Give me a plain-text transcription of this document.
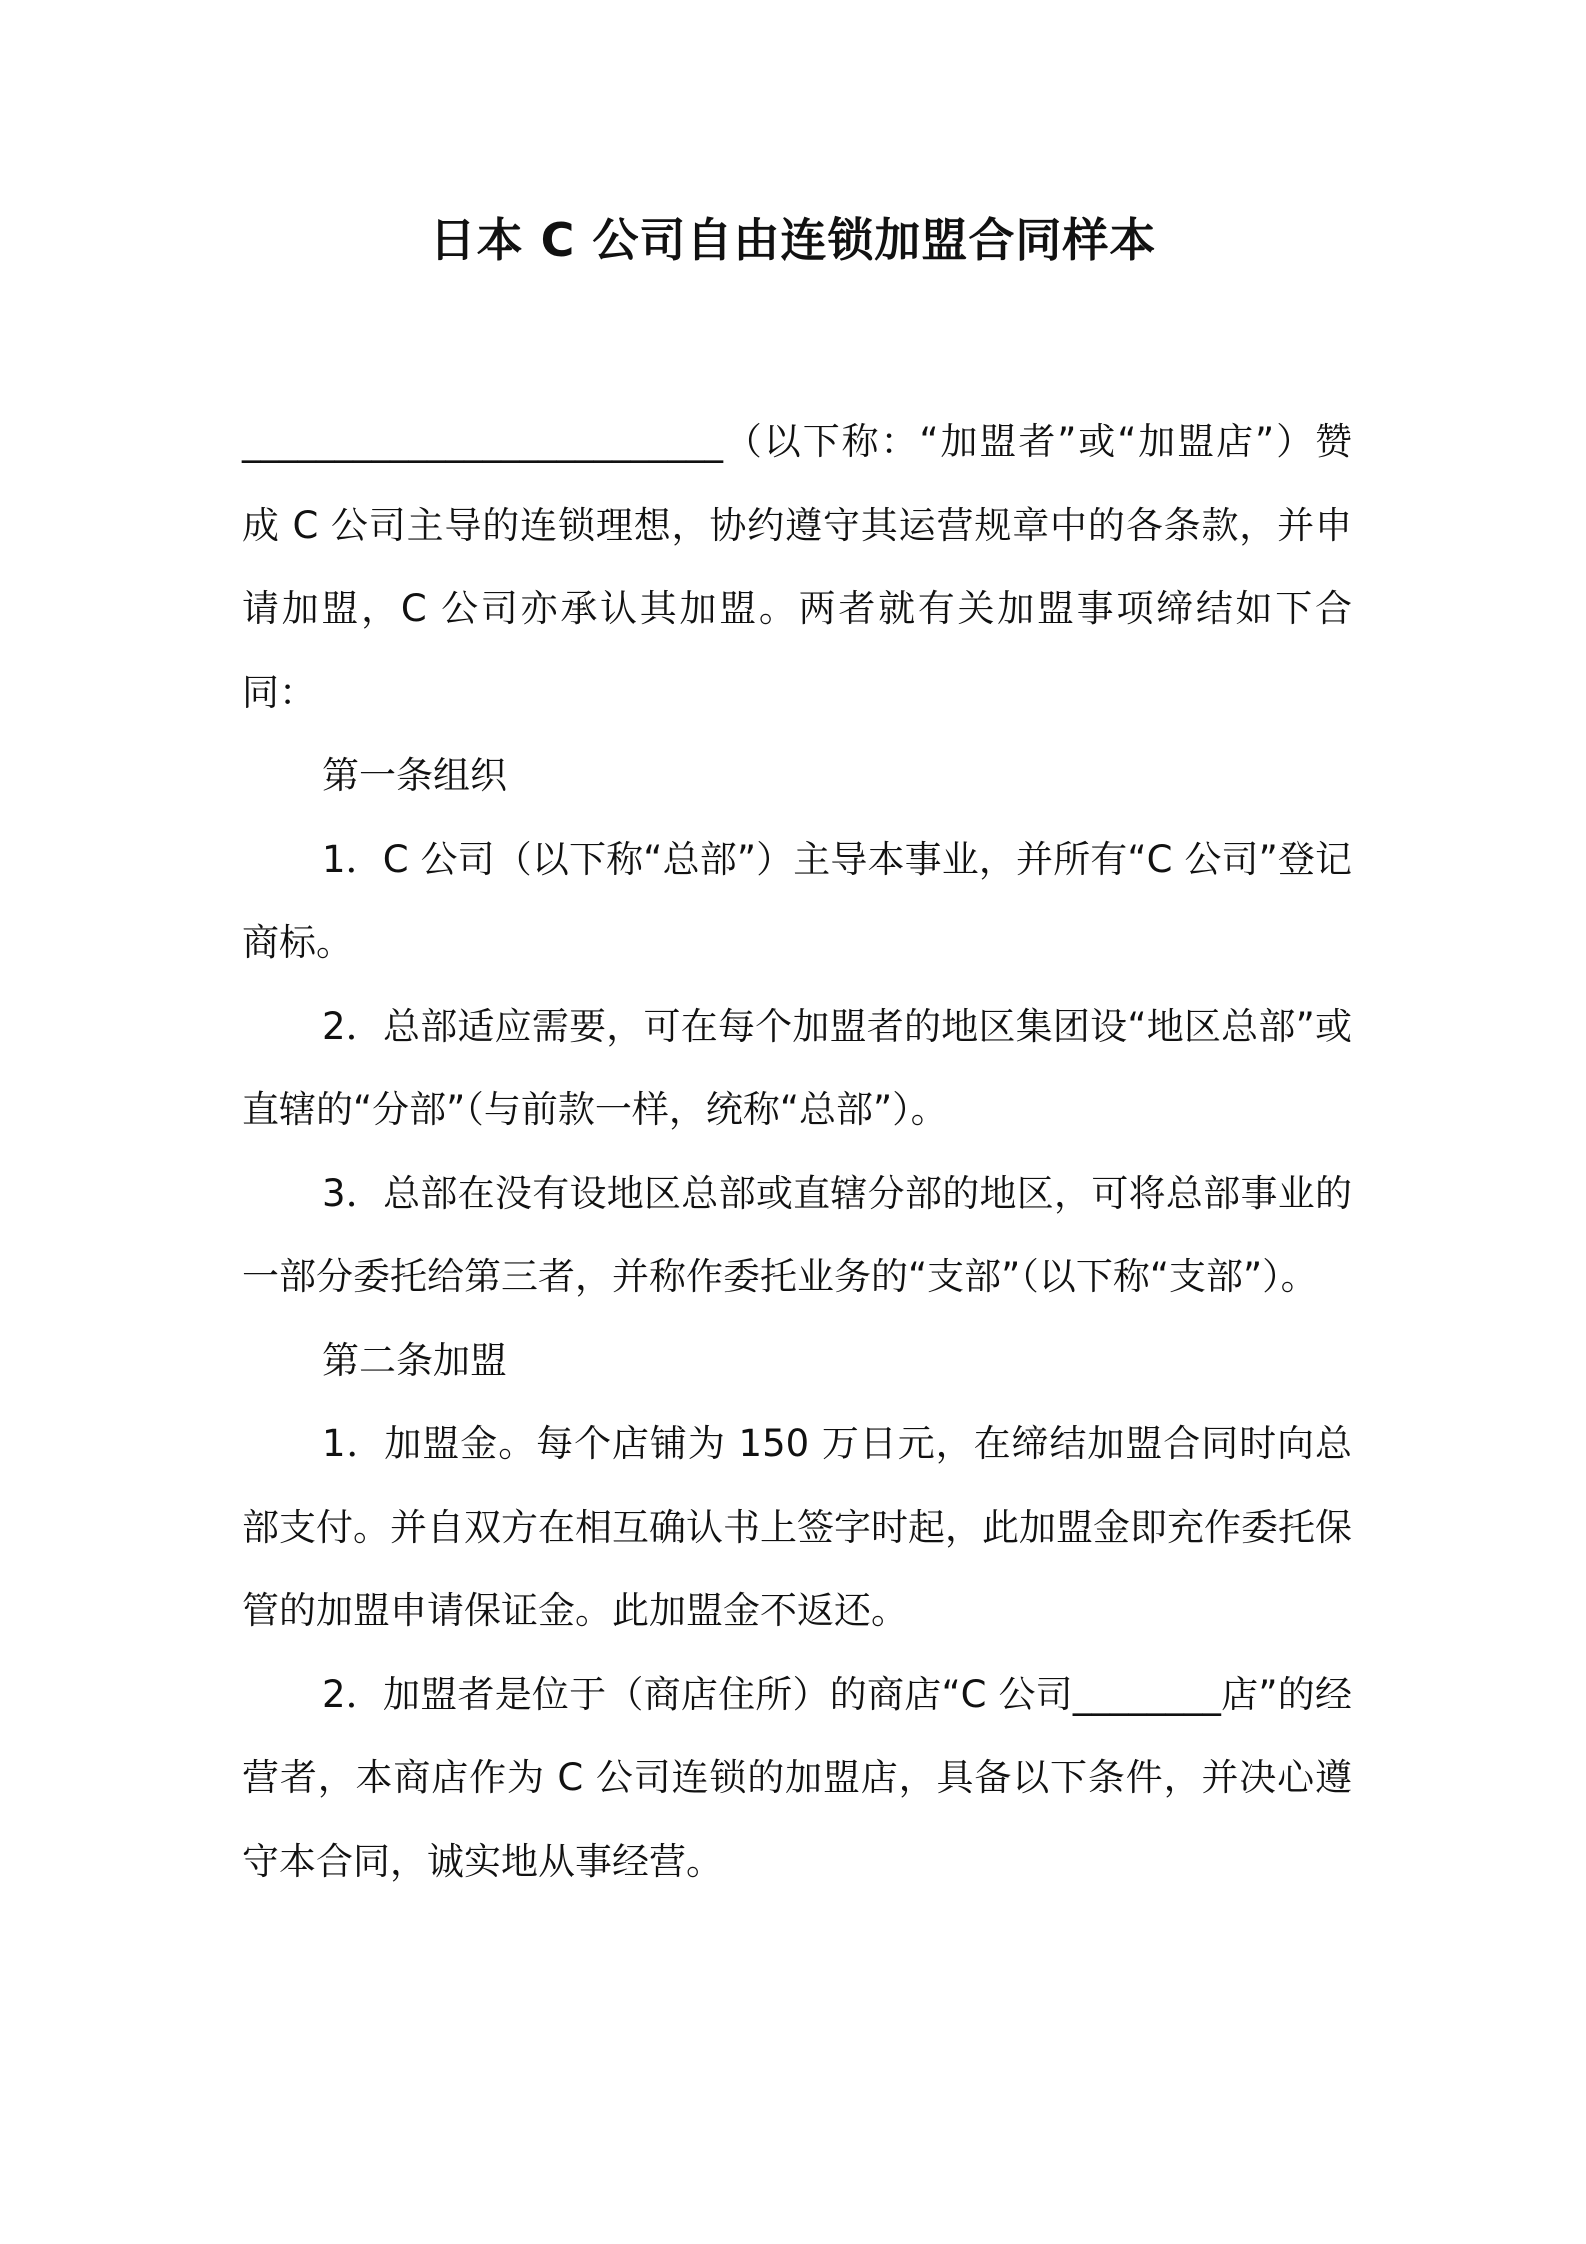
日本 C 公司自由连锁加盟合同样本

__________________________（以下称：“加盟者”或“加盟店”）赞成 C 公司主导的连锁理想，协约遵守其运营规章中的各条款，并申请加盟，C 公司亦承认其加盟。两者就有关加盟事项缔结如下合同：

第一条组织

1．C 公司（以下称“总部”）主导本事业，并所有“C 公司”登记商标。

2．总部适应需要，可在每个加盟者的地区集团设“地区总部”或直辖的“分部”（与前款一样，统称“总部”）。

3．总部在没有设地区总部或直辖分部的地区，可将总部事业的一部分委托给第三者，并称作委托业务的“支部”（以下称“支部”）。

第二条加盟

1．加盟金。每个店铺为 150 万日元，在缔结加盟合同时向总部支付。并自双方在相互确认书上签字时起，此加盟金即充作委托保管的加盟申请保证金。此加盟金不返还。

2．加盟者是位于（商店住所）的商店“C 公司________店”的经营者，本商店作为 C 公司连锁的加盟店，具备以下条件，并决心遵守本合同，诚实地从事经营。
